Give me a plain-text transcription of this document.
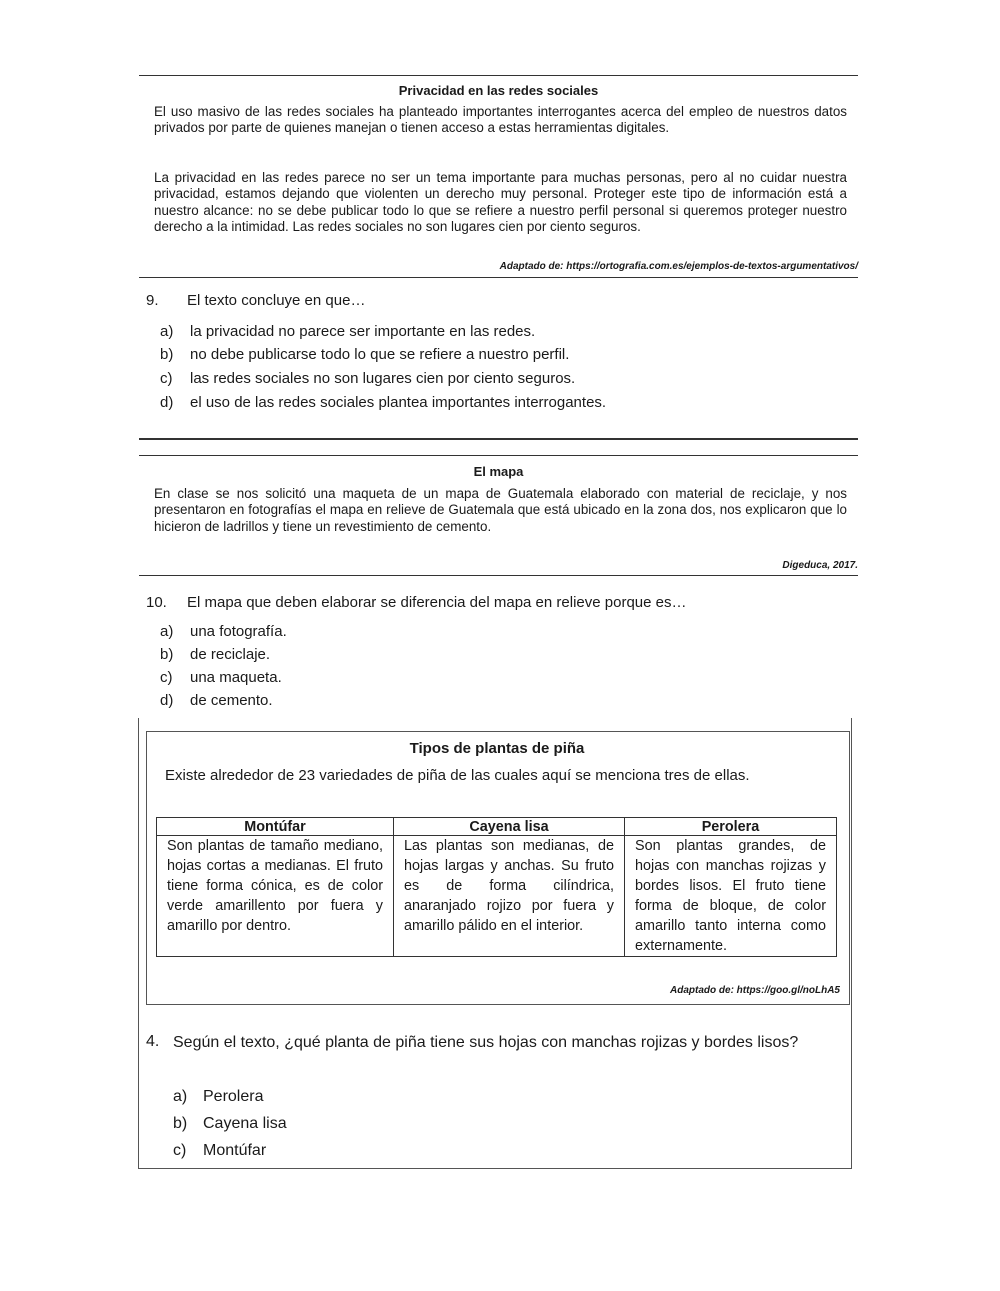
Privacidad en las redes sociales
El uso masivo de las redes sociales ha planteado importantes interrogantes acerca del empleo de nuestros datos privados por parte de quienes manejan o tienen acceso a estas herramientas digitales.
La privacidad en las redes parece no ser un tema importante para muchas personas, pero al no cuidar nuestra privacidad, estamos dejando que violenten un derecho muy personal. Proteger este tipo de información está a nuestro alcance: no se debe publicar todo lo que se refiere a nuestro perfil personal si queremos proteger nuestro derecho a la intimidad. Las redes sociales no son lugares cien por ciento seguros.
Adaptado de: https://ortografia.com.es/ejemplos-de-textos-argumentativos/
9. El texto concluye en que…
a) la privacidad no parece ser importante en las redes.
b) no debe publicarse todo lo que se refiere a nuestro perfil.
c) las redes sociales no son lugares cien por ciento seguros.
d) el uso de las redes sociales plantea importantes interrogantes.
El mapa
En clase se nos solicitó una maqueta de un mapa de Guatemala elaborado con material de reciclaje, y nos presentaron en fotografías el mapa en relieve de Guatemala que está ubicado en la zona dos, nos explicaron que lo hicieron de ladrillos y tiene un revestimiento de cemento.
Digeduca, 2017.
10. El mapa que deben elaborar se diferencia del mapa en relieve porque es…
a) una fotografía.
b) de reciclaje.
c) una maqueta.
d) de cemento.
Tipos de plantas de piña
Existe alrededor de 23 variedades de piña de las cuales aquí se menciona tres de ellas.
Montúfar	Cayena lisa	Perolera
Son plantas de tamaño mediano, hojas cortas a medianas. El fruto tiene forma cónica, es de color verde amarillento por fuera y amarillo por dentro.	Las plantas son medianas, de hojas largas y anchas. Su fruto es de forma cilíndrica, anaranjado rojizo por fuera y amarillo pálido en el interior.	Son plantas grandes, de hojas con manchas rojizas y bordes lisos. El fruto tiene forma de bloque, de color amarillo tanto interna como externamente.
Adaptado de: https://goo.gl/noLhA5
4. Según el texto, ¿qué planta de piña tiene sus hojas con manchas rojizas y bordes lisos?
a) Perolera
b) Cayena lisa
c) Montúfar
